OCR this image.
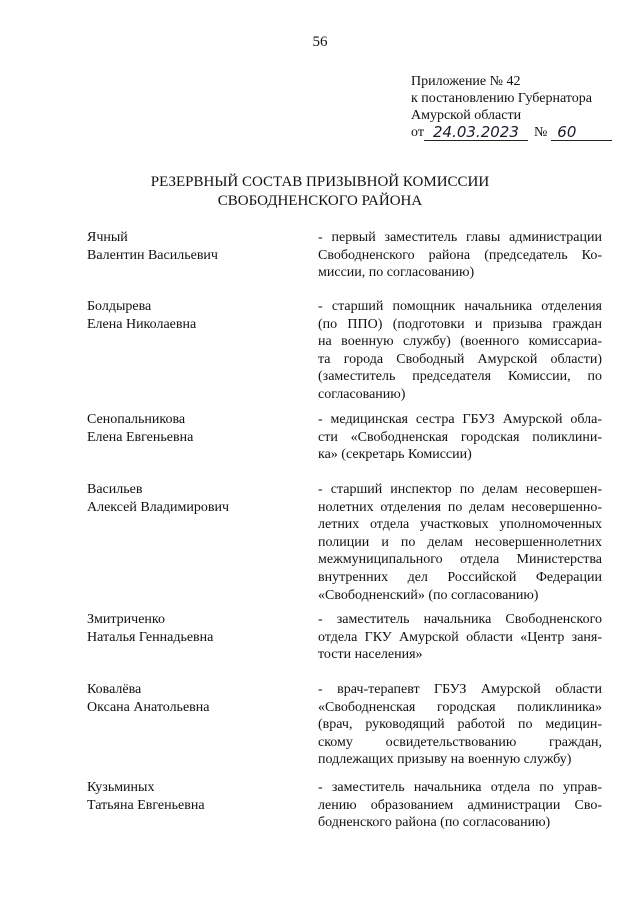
56
Приложение № 42
к постановлению Губернатора
Амурской области
от 24.03.2023	№ 60
РЕЗЕРВНЫЙ СОСТАВ ПРИЗЫВНОЙ КОМИССИИ
СВОБОДНЕНСКОГО РАЙОНА
Ячный
Валентин Васильевич
- первый заместитель главы администрации
Свободненского района (председатель Ко-
миссии, по согласованию)
Болдырева
Елена Николаевна
- старший помощник начальника отделения
(по ППО) (подготовки и призыва граждан
на военную службу) (военного комиссариа-
та города Свободный Амурской области)
(заместитель председателя Комиссии, по
согласованию)
Сенопальникова
Елена Евгеньевна
- медицинская сестра ГБУЗ Амурской обла-
сти «Свободненская городская поликлини-
ка» (секретарь Комиссии)
Васильев
Алексей Владимирович
- старший инспектор по делам несовершен-
нолетних отделения по делам несовершенно-
летних отдела участковых уполномоченных
полиции и по делам несовершеннолетних
межмуниципального отдела Министерства
внутренних дел Российской Федерации
«Свободненский» (по согласованию)
Змитриченко
Наталья Геннадьевна
- заместитель начальника Свободненского
отдела ГКУ Амурской области «Центр заня-
тости населения»
Ковалёва
Оксана Анатольевна
- врач-терапевт ГБУЗ Амурской области
«Свободненская городская поликлиника»
(врач, руководящий работой по медицин-
скому освидетельствованию граждан,
подлежащих призыву на военную службу)
Кузьминых
Татьяна Евгеньевна
- заместитель начальника отдела по управ-
лению образованием администрации Сво-
бодненского района (по согласованию)
